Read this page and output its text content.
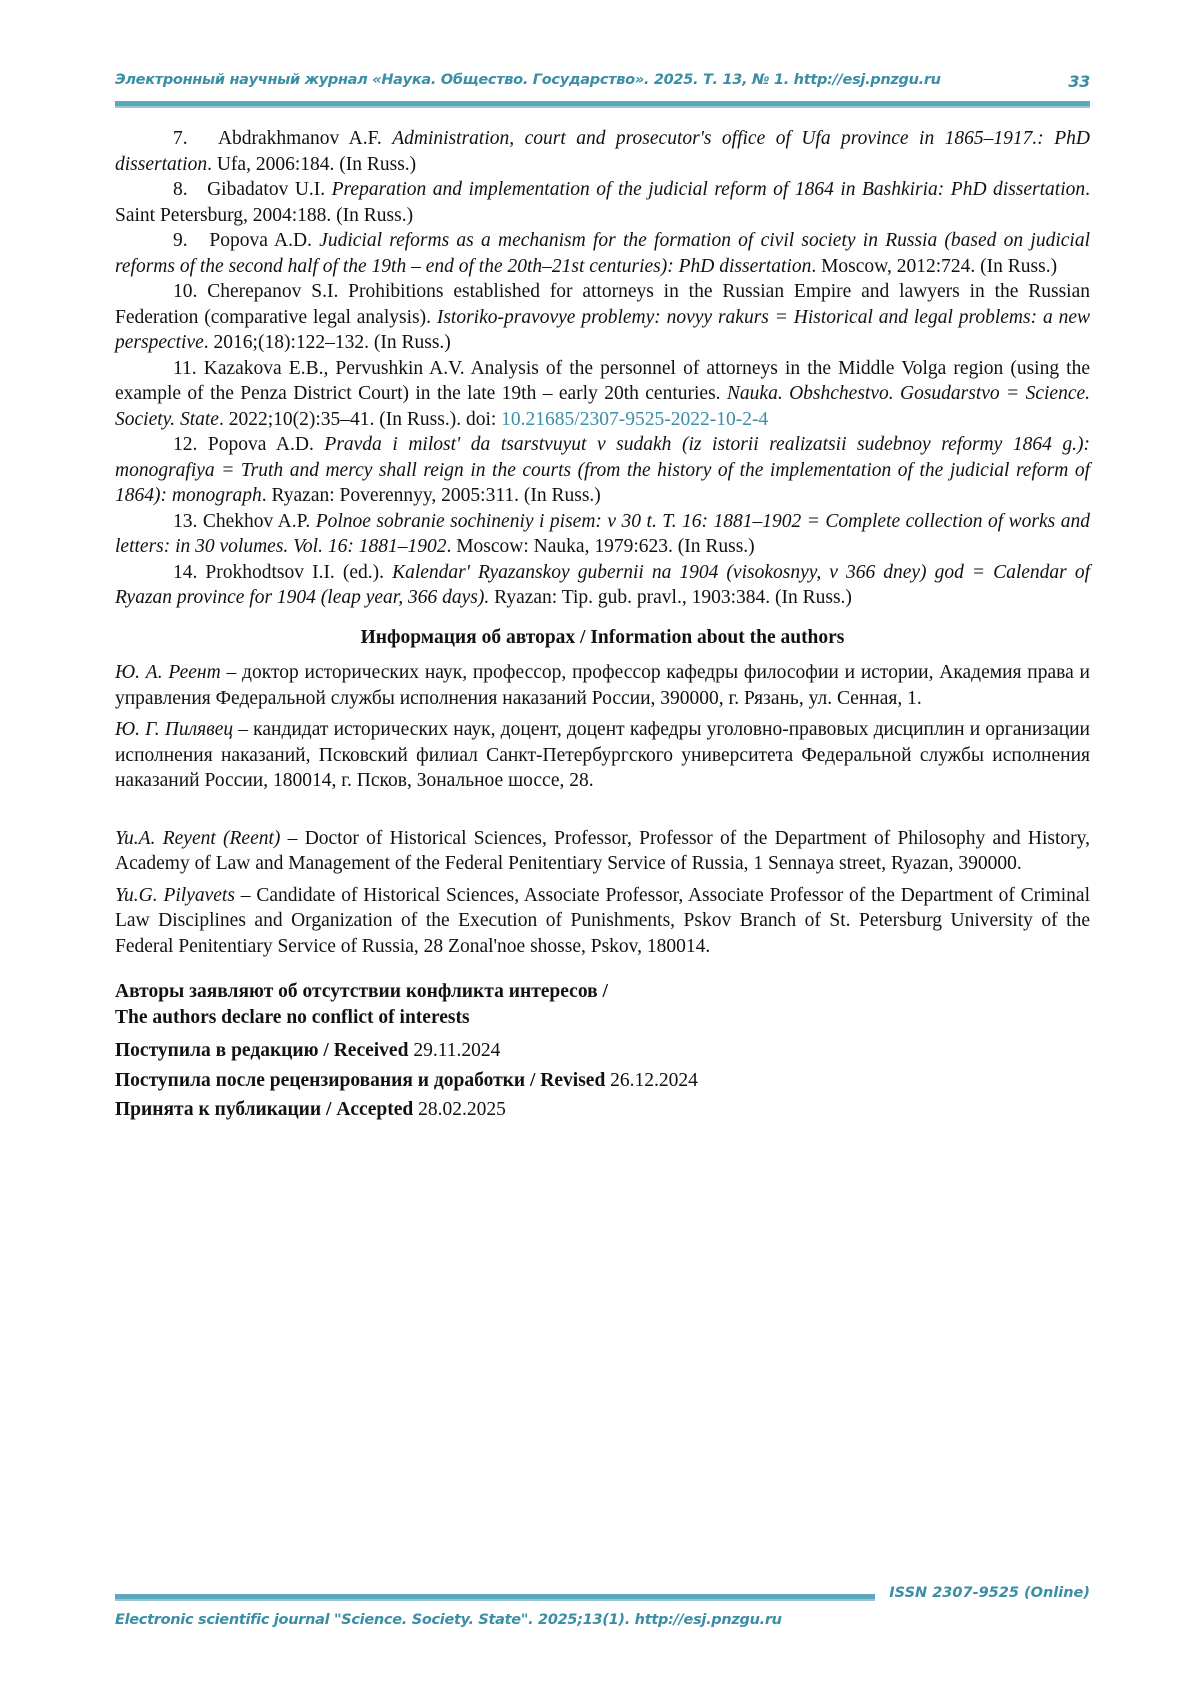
Электронный научный журнал «Наука. Общество. Государство». 2025. Т. 13, № 1. http://esj.pnzgu.ru	33

7.   Abdrakhmanov A.F. Administration, court and prosecutor's office of Ufa province in 1865–1917.: PhD dissertation. Ufa, 2006:184. (In Russ.)

8.   Gibadatov U.I. Preparation and implementation of the judicial reform of 1864 in Bashkiria: PhD dissertation. Saint Petersburg, 2004:188. (In Russ.)

9.   Popova A.D. Judicial reforms as a mechanism for the formation of civil society in Russia (based on judicial reforms of the second half of the 19th – end of the 20th–21st centuries): PhD dissertation. Moscow, 2012:724. (In Russ.)

10. Cherepanov S.I. Prohibitions established for attorneys in the Russian Empire and lawyers in the Russian Federation (comparative legal analysis). Istoriko-pravovye problemy: novyy rakurs = Historical and legal problems: a new perspective. 2016;(18):122–132. (In Russ.)

11. Kazakova E.B., Pervushkin A.V. Analysis of the personnel of attorneys in the Middle Volga region (using the example of the Penza District Court) in the late 19th – early 20th centuries. Nauka. Obshchestvo. Gosudarstvo = Science. Society. State. 2022;10(2):35–41. (In Russ.). doi: 10.21685/2307-9525-2022-10-2-4

12. Popova A.D. Pravda i milost' da tsarstvuyut v sudakh (iz istorii realizatsii sudebnoy reformy 1864 g.): monografiya = Truth and mercy shall reign in the courts (from the history of the implementation of the judicial reform of 1864): monograph. Ryazan: Poverennyy, 2005:311. (In Russ.)

13. Chekhov A.P. Polnoe sobranie sochineniy i pisem: v 30 t. T. 16: 1881–1902 = Complete collection of works and letters: in 30 volumes. Vol. 16: 1881–1902. Moscow: Nauka, 1979:623. (In Russ.)

14. Prokhodtsov I.I. (ed.). Kalendar' Ryazanskoy gubernii na 1904 (visokosnyy, v 366 dney) god = Calendar of Ryazan province for 1904 (leap year, 366 days). Ryazan: Tip. gub. pravl., 1903:384. (In Russ.)

Информация об авторах / Information about the authors

Ю. А. Реент – доктор исторических наук, профессор, профессор кафедры философии и истории, Академия права и управления Федеральной службы исполнения наказаний России, 390000, г. Рязань, ул. Сенная, 1.

Ю. Г. Пилявец – кандидат исторических наук, доцент, доцент кафедры уголовно-правовых дисциплин и организации исполнения наказаний, Псковский филиал Санкт-Петербургского университета Федеральной службы исполнения наказаний России, 180014, г. Псков, Зональное шоссе, 28.

Yu.A. Reyent (Reent) – Doctor of Historical Sciences, Professor, Professor of the Department of Philosophy and History, Academy of Law and Management of the Federal Penitentiary Service of Russia, 1 Sennaya street, Ryazan, 390000.

Yu.G. Pilyavets – Candidate of Historical Sciences, Associate Professor, Associate Professor of the Department of Criminal Law Disciplines and Organization of the Execution of Punishments, Pskov Branch of St. Petersburg University of the Federal Penitentiary Service of Russia, 28 Zonal'noe shosse, Pskov, 180014.

Авторы заявляют об отсутствии конфликта интересов /
The authors declare no conflict of interests
Поступила в редакцию / Received 29.11.2024
Поступила после рецензирования и доработки / Revised 26.12.2024
Принята к публикации / Accepted 28.02.2025
ISSN 2307-9525 (Online)
Electronic scientific journal "Science. Society. State". 2025;13(1). http://esj.pnzgu.ru
